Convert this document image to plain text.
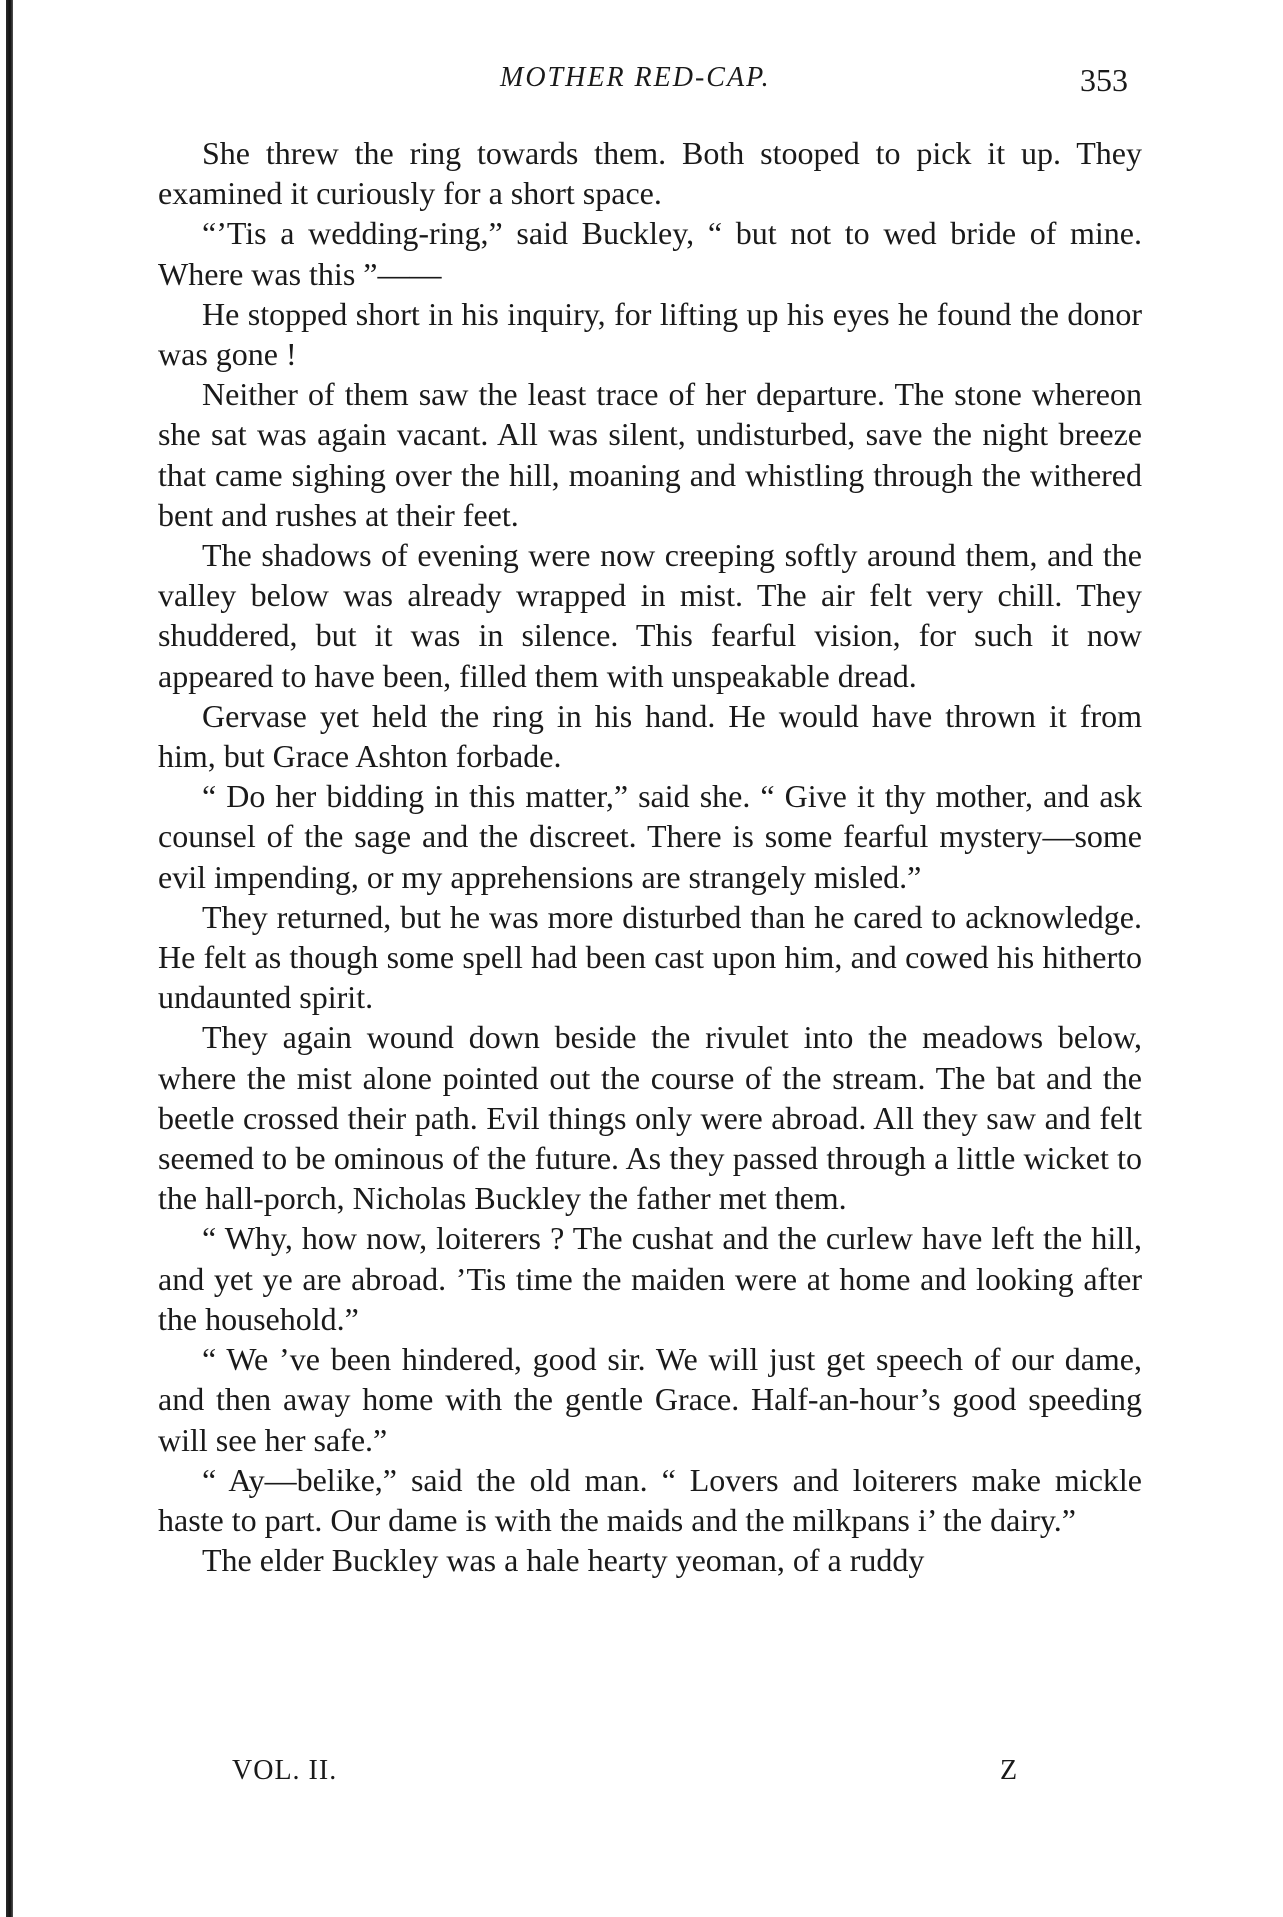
MOTHER RED-CAP.	353

She threw the ring towards them. Both stooped to pick it up. They examined it curiously for a short space.

“’Tis a wedding-ring,” said Buckley, “ but not to wed bride of mine. Where was this ”——

He stopped short in his inquiry, for lifting up his eyes he found the donor was gone !

Neither of them saw the least trace of her departure. The stone whereon she sat was again vacant. All was silent, undisturbed, save the night breeze that came sighing over the hill, moaning and whistling through the withered bent and rushes at their feet.

The shadows of evening were now creeping softly around them, and the valley below was already wrapped in mist. The air felt very chill. They shuddered, but it was in silence. This fearful vision, for such it now appeared to have been, filled them with unspeakable dread.

Gervase yet held the ring in his hand. He would have thrown it from him, but Grace Ashton forbade.

“ Do her bidding in this matter,” said she. “ Give it thy mother, and ask counsel of the sage and the discreet. There is some fearful mystery—some evil impending, or my apprehensions are strangely misled.”

They returned, but he was more disturbed than he cared to acknowledge. He felt as though some spell had been cast upon him, and cowed his hitherto undaunted spirit.

They again wound down beside the rivulet into the meadows below, where the mist alone pointed out the course of the stream. The bat and the beetle crossed their path. Evil things only were abroad. All they saw and felt seemed to be ominous of the future. As they passed through a little wicket to the hall-porch, Nicholas Buckley the father met them.

“ Why, how now, loiterers ? The cushat and the curlew have left the hill, and yet ye are abroad. ’Tis time the maiden were at home and looking after the household.”

“ We ’ve been hindered, good sir. We will just get speech of our dame, and then away home with the gentle Grace. Half-an-hour’s good speeding will see her safe.”

“ Ay—belike,” said the old man. “ Lovers and loiterers make mickle haste to part. Our dame is with the maids and the milkpans i’ the dairy.”

The elder Buckley was a hale hearty yeoman, of a ruddy

VOL. II.	Z
